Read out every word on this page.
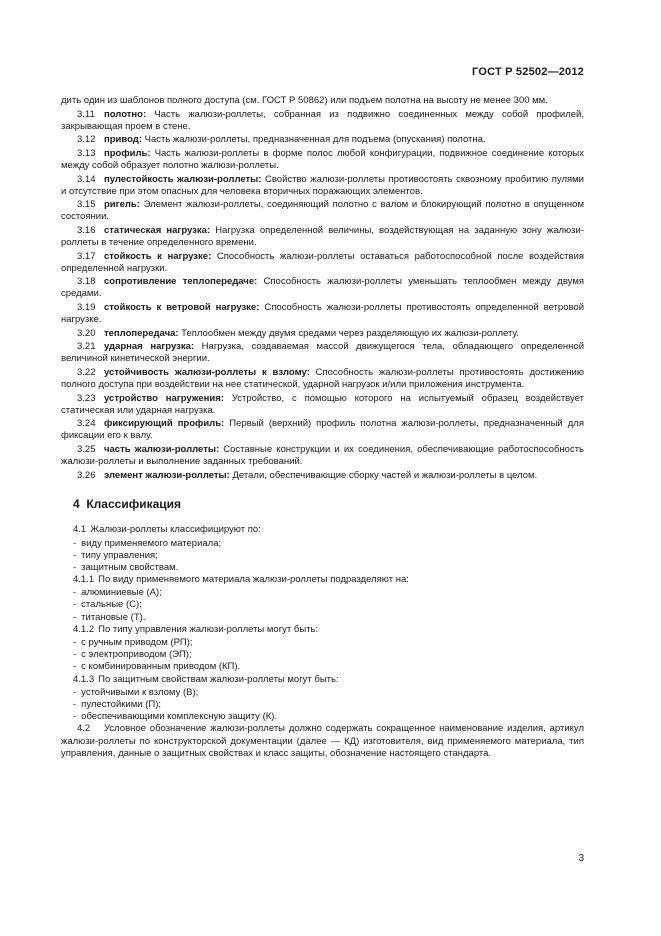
ГОСТ Р 52502—2012

дить один из шаблонов полного доступа (см. ГОСТ Р 50862) или подъем полотна на высоту не менее 300 мм.

3.11 полотно: Часть жалюзи-роллеты, собранная из подвижно соединенных между собой профилей, закрывающая проем в стене.

3.12 привод: Часть жалюзи-роллеты, предназначенная для подъема (опускания) полотна.

3.13 профиль: Часть жалюзи-роллеты в форме полос любой конфигурации, подвижное соединение которых между собой образует полотно жалюзи-роллеты.

3.14 пулестойкость жалюзи-роллеты: Свойство жалюзи-роллеты противостоять сквозному пробитию пулями и отсутствие при этом опасных для человека вторичных поражающих элементов.

3.15 ригель: Элемент жалюзи-роллеты, соединяющий полотно с валом и блокирующий полотно в опущенном состоянии.

3.16 статическая нагрузка: Нагрузка определенной величины, воздействующая на заданную зону жалюзи-роллеты в течение определенного времени.

3.17 стойкость к нагрузке: Способность жалюзи-роллеты оставаться работоспособной после воздействия определенной нагрузки.

3.18 сопротивление теплопередаче: Способность жалюзи-роллеты уменьшать теплообмен между двумя средами.

3.19 стойкость к ветровой нагрузке: Способность жалюзи-роллеты противостоять определенной ветровой нагрузке.

3.20 теплопередача: Теплообмен между двумя средами через разделяющую их жалюзи-роллету.

3.21 ударная нагрузка: Нагрузка, создаваемая массой движущегося тела, обладающего определенной величиной кинетической энергии.

3.22 устойчивость жалюзи-роллеты к взлому: Способность жалюзи-роллеты противостоять достижению полного доступа при воздействии на нее статической, ударной нагрузок и/или приложения инструмента.

3.23 устройство нагружения: Устройство, с помощью которого на испытуемый образец воздействует статическая или ударная нагрузка.

3.24 фиксирующий профиль: Первый (верхний) профиль полотна жалюзи-роллеты, предназначенный для фиксации его к валу.

3.25 часть жалюзи-роллеты: Составные конструкции и их соединения, обеспечивающие работоспособность жалюзи-роллеты и выполнение заданных требований.

3.26 элемент жалюзи-роллеты: Детали, обеспечивающие сборку частей и жалюзи-роллеты в целом.

4 Классификация

4.1 Жалюзи-роллеты классифицируют по:

- виду применяемого материала;
- типу управления;
- защитным свойствам.

4.1.1 По виду применяемого материала жалюзи-роллеты подразделяют на:

- алюминиевые (А);
- стальные (С);
- титановые (Т).

4.1.2 По типу управления жалюзи-роллеты могут быть:

- с ручным приводом (РП);
- с электроприводом (ЭП);
- с комбинированным приводом (КП).

4.1.3 По защитным свойствам жалюзи-роллеты могут быть:

- устойчивыми к взлому (В);
- пулестойкими (П);
- обеспечивающими комплексную защиту (К).

4.2 Условное обозначение жалюзи-роллеты должно содержать сокращенное наименование изделия, артикул жалюзи-роллеты по конструкторской документации (далее — КД) изготовителя, вид применяемого материала, тип управления, данные о защитных свойствах и класс защиты, обозначение настоящего стандарта.

3
